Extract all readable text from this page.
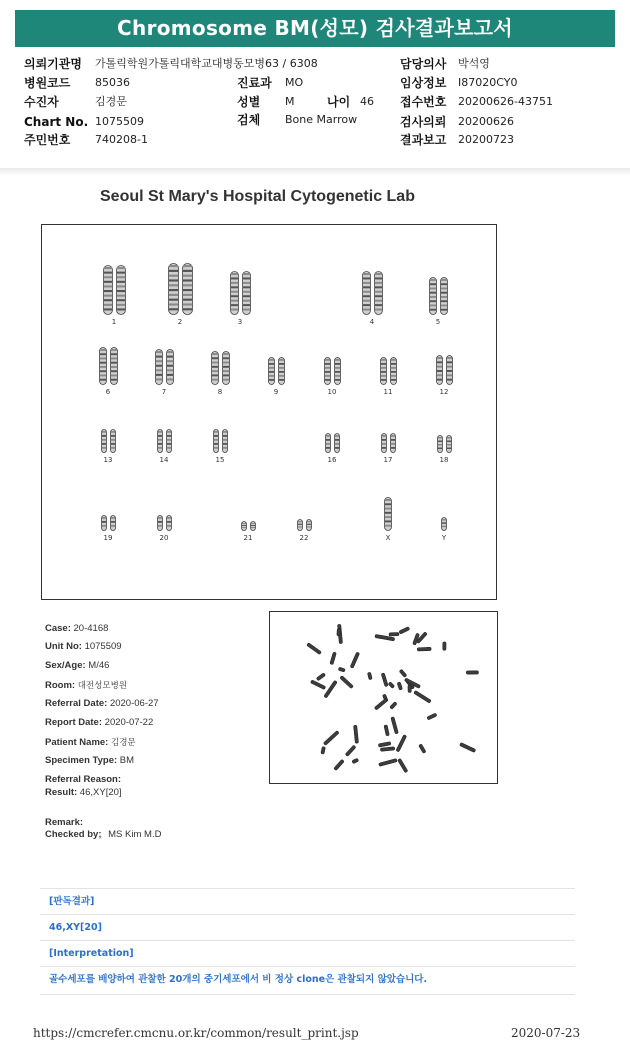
Chromosome BM(성모) 검사결과보고서
의뢰기관명 가톨릭학원가톨릭대학교대병동모병63 / 6308
병원코드 85036
수진자	김경문
Chart No. 1075509
주민번호 740208-1
진료과 MO
성별 M	나이 46
검체 Bone Marrow
담당의사 박석영
임상정보 I87020CY0
접수번호 20200626-43751
검사의뢰 20200626
결과보고 20200723
Seoul St Mary's Hospital Cytogenetic Lab
1	2	3	4	5
6	7	8	9	10	11	12
13	14	15	16	17	18
19	20	21	22	X	Y
Case: 20-4168
Unit No: 1075509
Sex/Age: M/46
Room: 대전성모병원
Referral Date: 2020-06-27
Report Date: 2020-07-22
Patient Name: 김경문
Specimen Type: BM
Referral Reason:
Result: 46,XY[20]
Remark:
Checked by; MS Kim M.D
[판독결과]
46,XY[20]
[Interpretation]
골수세포를 배양하여 관찰한 20개의 중기세포에서 비 정상 clone은 관찰되지 않았습니다.
https://cmcrefer.cmcnu.or.kr/common/result_print.jsp	2020-07-23
